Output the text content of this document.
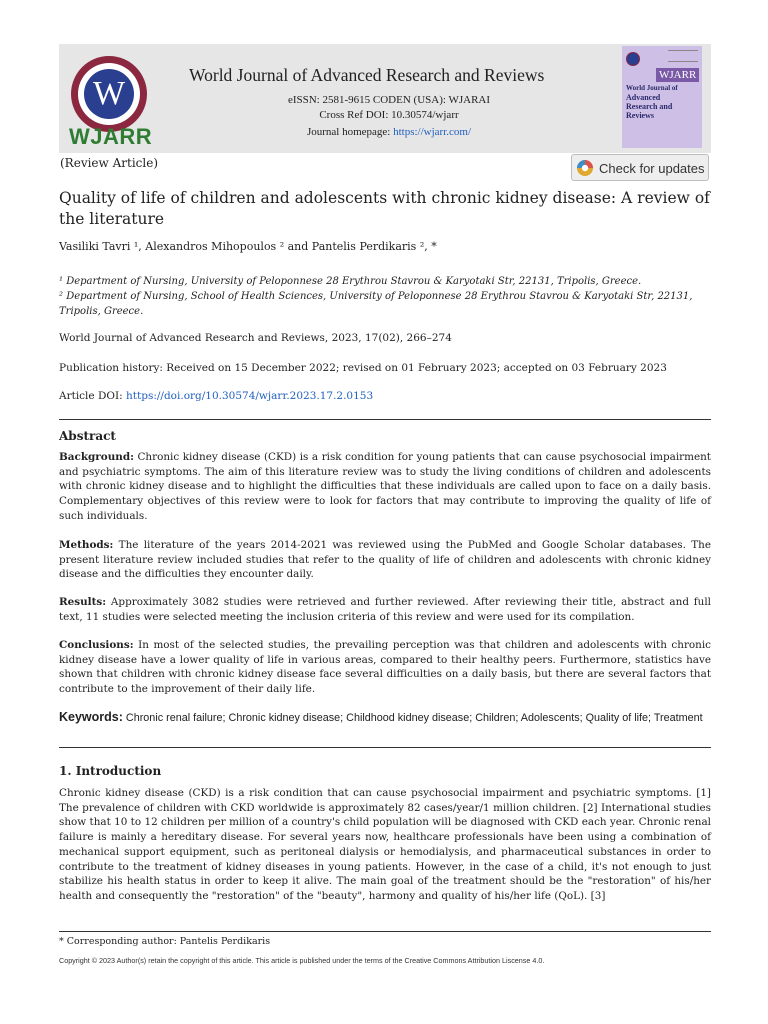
W
WJARR
World Journal of Advanced Research and Reviews
eISSN: 2581-9615 CODEN (USA): WJARAI
Cross Ref DOI: 10.30574/wjarr
Journal homepage: https://wjarr.com/
WJARR
World Journal of
Advanced
Research and
Reviews
(Review Article)	Check for updates
Quality of life of children and adolescents with chronic kidney disease: A review of the literature
Vasiliki Tavri ¹, Alexandros Mihopoulos ² and Pantelis Perdikaris ², *
¹ Department of Nursing, University of Peloponnese 28 Erythrou Stavrou & Karyotaki Str, 22131, Tripolis, Greece.
² Department of Nursing, School of Health Sciences, University of Peloponnese 28 Erythrou Stavrou & Karyotaki Str, 22131, Tripolis, Greece.
World Journal of Advanced Research and Reviews, 2023, 17(02), 266–274
Publication history: Received on 15 December 2022; revised on 01 February 2023; accepted on 03 February 2023
Article DOI: https://doi.org/10.30574/wjarr.2023.17.2.0153
Abstract
Background: Chronic kidney disease (CKD) is a risk condition for young patients that can cause psychosocial impairment and psychiatric symptoms. The aim of this literature review was to study the living conditions of children and adolescents with chronic kidney disease and to highlight the difficulties that these individuals are called upon to face on a daily basis. Complementary objectives of this review were to look for factors that may contribute to improving the quality of life of such individuals.
Methods: The literature of the years 2014-2021 was reviewed using the PubMed and Google Scholar databases. The present literature review included studies that refer to the quality of life of children and adolescents with chronic kidney disease and the difficulties they encounter daily.
Results: Approximately 3082 studies were retrieved and further reviewed. After reviewing their title, abstract and full text, 11 studies were selected meeting the inclusion criteria of this review and were used for its compilation.
Conclusions: In most of the selected studies, the prevailing perception was that children and adolescents with chronic kidney disease have a lower quality of life in various areas, compared to their healthy peers. Furthermore, statistics have shown that children with chronic kidney disease face several difficulties on a daily basis, but there are several factors that contribute to the improvement of their daily life.
Keywords: Chronic renal failure; Chronic kidney disease; Childhood kidney disease; Children; Adolescents; Quality of life; Treatment
1. Introduction
Chronic kidney disease (CKD) is a risk condition that can cause psychosocial impairment and psychiatric symptoms. [1] The prevalence of children with CKD worldwide is approximately 82 cases/year/1 million children. [2] International studies show that 10 to 12 children per million of a country's child population will be diagnosed with CKD each year. Chronic renal failure is mainly a hereditary disease. For several years now, healthcare professionals have been using a combination of mechanical support equipment, such as peritoneal dialysis or hemodialysis, and pharmaceutical substances in order to contribute to the treatment of kidney diseases in young patients. However, in the case of a child, it's not enough to just stabilize his health status in order to keep it alive. The main goal of the treatment should be the "restoration" of his/her health and consequently the "restoration" of the "beauty", harmony and quality of his/her life (QoL). [3]
* Corresponding author: Pantelis Perdikaris
Copyright © 2023 Author(s) retain the copyright of this article. This article is published under the terms of the Creative Commons Attribution Liscense 4.0.
